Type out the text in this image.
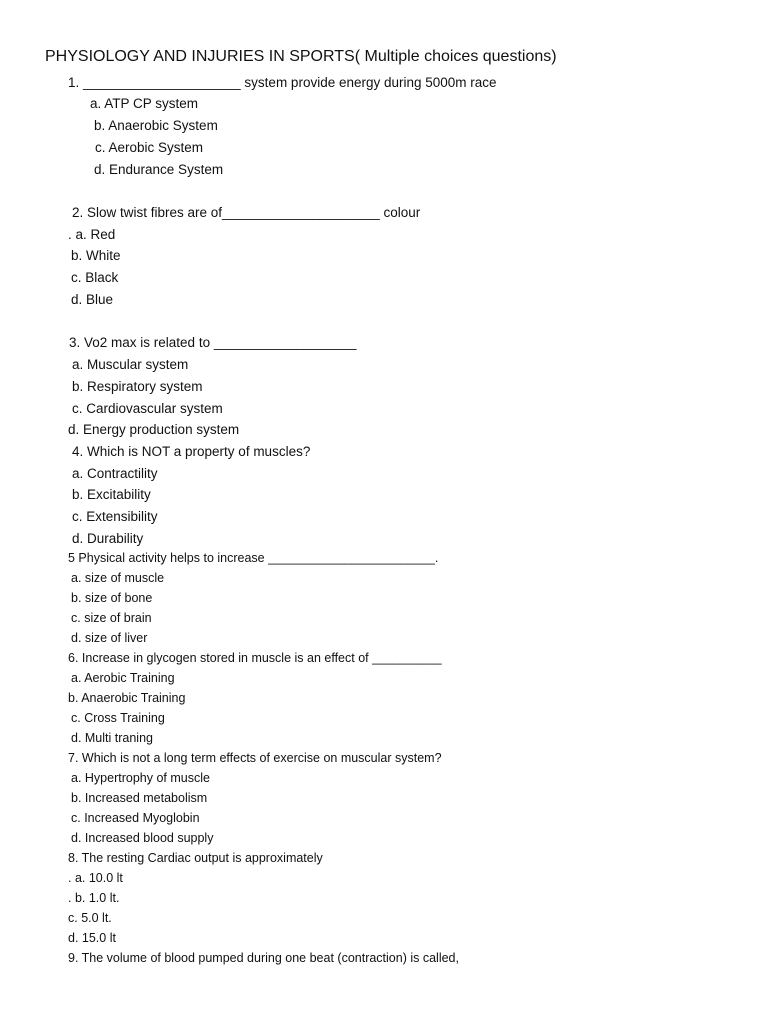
PHYSIOLOGY AND INJURIES IN SPORTS( Multiple choices questions)
1. _____________________ system provide energy during 5000m race
a. ATP CP system
b. Anaerobic System
c. Aerobic System
d. Endurance System
2. Slow twist fibres are of_____________________ colour
. a. Red
b. White
c. Black
d. Blue
3. Vo2 max is related to ___________________
a. Muscular system
b. Respiratory system
c. Cardiovascular system
d. Energy production system
4. Which is NOT a property of muscles?
a. Contractility
b. Excitability
c. Extensibility
d. Durability
5 Physical activity helps to increase ________________________.
a. size of muscle
b. size of bone
c. size of brain
d. size of liver
6. Increase in glycogen stored in muscle is an effect of __________
a. Aerobic Training
b. Anaerobic Training
c. Cross Training
d. Multi traning
7. Which is not a long term effects of exercise on muscular system?
a. Hypertrophy of muscle
b. Increased metabolism
c. Increased Myoglobin
d. Increased blood supply
8. The resting Cardiac output is approximately
. a. 10.0 lt
. b. 1.0 lt.
c. 5.0 lt.
d. 15.0 lt
9. The volume of blood pumped during one beat (contraction) is called,
